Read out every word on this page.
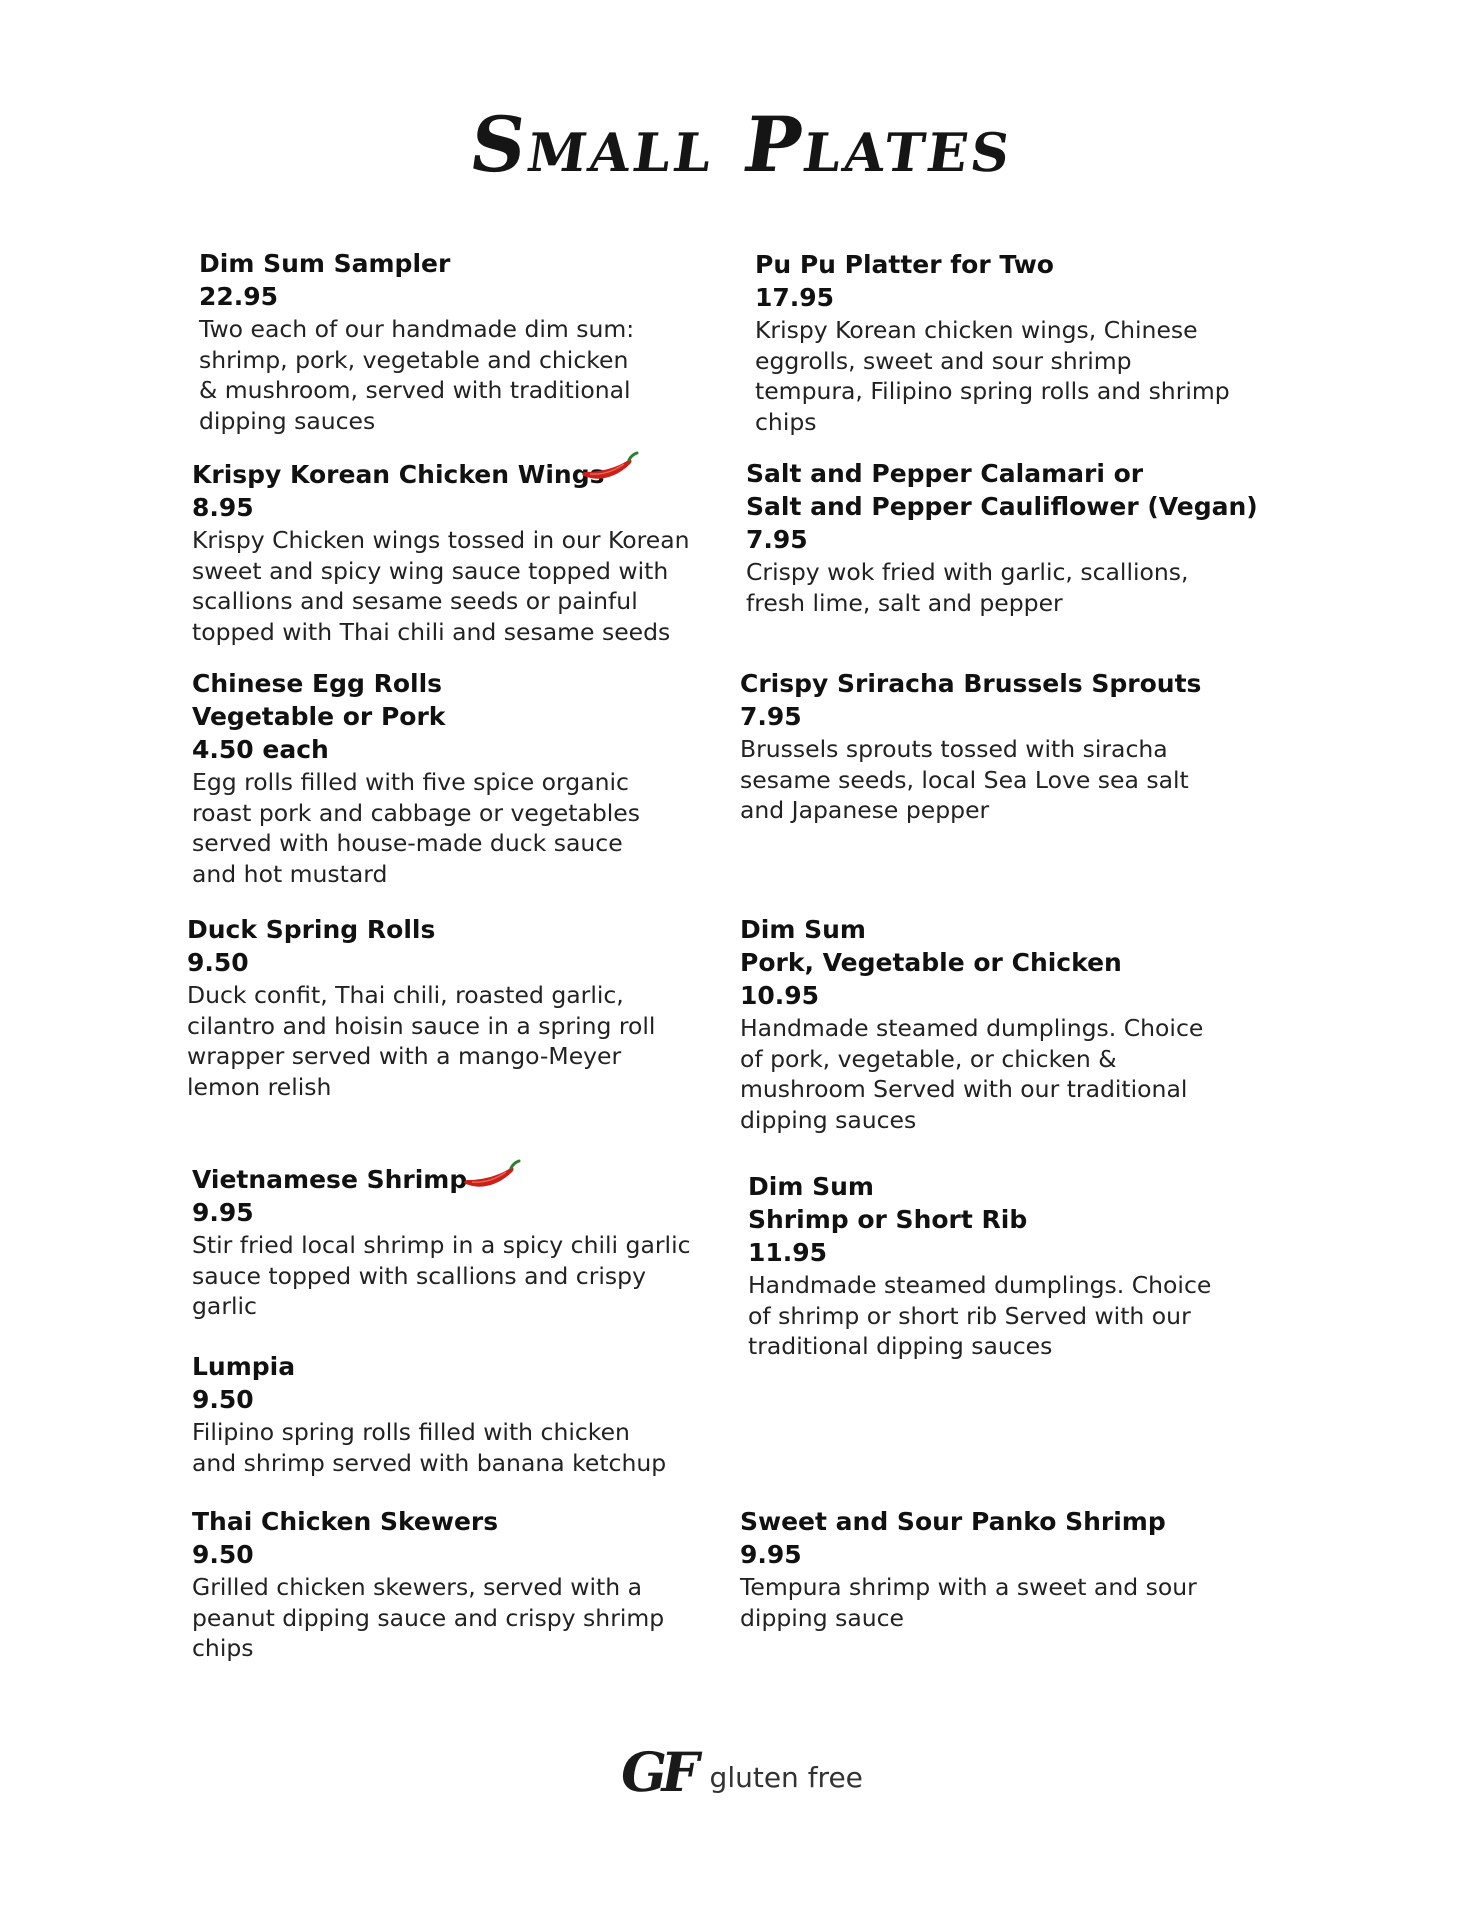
Small Plates
Dim Sum Sampler
22.95
Two each of our handmade dim sum:
shrimp, pork, vegetable and chicken
& mushroom, served with traditional
dipping sauces
Krispy Korean Chicken Wings
8.95
Krispy Chicken wings tossed in our Korean
sweet and spicy wing sauce topped with
scallions and sesame seeds or painful
topped with Thai chili and sesame seeds
Chinese Egg Rolls
Vegetable or Pork
4.50 each
Egg rolls filled with five spice organic
roast pork and cabbage or vegetables
served with house-made duck sauce
and hot mustard
Duck Spring Rolls
9.50
Duck confit, Thai chili, roasted garlic,
cilantro and hoisin sauce in a spring roll
wrapper served with a mango-Meyer
lemon relish
Vietnamese Shrimp
9.95
Stir fried local shrimp in a spicy chili garlic
sauce topped with scallions and crispy
garlic
Lumpia
9.50
Filipino spring rolls filled with chicken
and shrimp served with banana ketchup
Thai Chicken Skewers
9.50
Grilled chicken skewers, served with a
peanut dipping sauce and crispy shrimp
chips
Pu Pu Platter for Two
17.95
Krispy Korean chicken wings, Chinese
eggrolls, sweet and sour shrimp
tempura, Filipino spring rolls and shrimp
chips
Salt and Pepper Calamari or
Salt and Pepper Cauliflower (Vegan)
7.95
Crispy wok fried with garlic, scallions,
fresh lime, salt and pepper
Crispy Sriracha Brussels Sprouts
7.95
Brussels sprouts tossed with siracha
sesame seeds, local Sea Love sea salt
and Japanese pepper
Dim Sum
Pork, Vegetable or Chicken
10.95
Handmade steamed dumplings. Choice
of pork, vegetable, or chicken &
mushroom Served with our traditional
dipping sauces
Dim Sum
Shrimp or Short Rib
11.95
Handmade steamed dumplings. Choice
of shrimp or short rib Served with our
traditional dipping sauces
Sweet and Sour Panko Shrimp
9.95
Tempura shrimp with a sweet and sour
dipping sauce
GF gluten free
